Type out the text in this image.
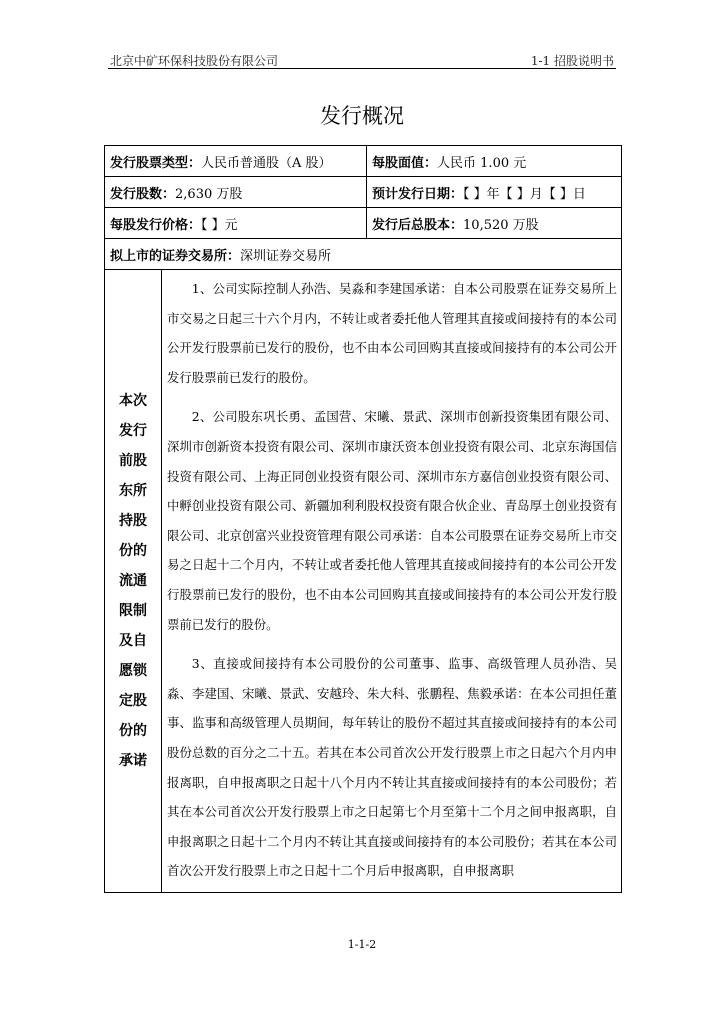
北京中矿环保科技股份有限公司	1-1 招股说明书
发行概况
发行股票类型：人民币普通股（A 股）		每股面值：人民币 1.00 元
发行股数：2,630 万股		预计发行日期：【 】年【 】月【 】日
每股发行价格：【 】元		发行后总股本：10,520 万股
拟上市的证券交易所：深圳证券交易所		

本次发行前股东所持股份的流通限制及自愿锁定股份的承诺	1、公司实际控制人孙浩、吴淼和李建国承诺：自本公司股票在证券交易所上市交易之日起三十六个月内，不转让或者委托他人管理其直接或间接持有的本公司公开发行股票前已发行的股份，也不由本公司回购其直接或间接持有的本公司公开发行股票前已发行的股份。

2、公司股东巩长勇、孟国营、宋曦、景武、深圳市创新投资集团有限公司、深圳市创新资本投资有限公司、深圳市康沃资本创业投资有限公司、北京东海国信投资有限公司、上海正同创业投资有限公司、深圳市东方嘉信创业投资有限公司、中孵创业投资有限公司、新疆加利利股权投资有限合伙企业、青岛厚土创业投资有限公司、北京创富兴业投资管理有限公司承诺：自本公司股票在证券交易所上市交易之日起十二个月内，不转让或者委托他人管理其直接或间接持有的本公司公开发行股票前已发行的股份，也不由本公司回购其直接或间接持有的本公司公开发行股票前已发行的股份。

3、直接或间接持有本公司股份的公司董事、监事、高级管理人员孙浩、吴淼、李建国、宋曦、景武、安越玲、朱大科、张鹏程、焦毅承诺：在本公司担任董事、监事和高级管理人员期间，每年转让的股份不超过其直接或间接持有的本公司股份总数的百分之二十五。若其在本公司首次公开发行股票上市之日起六个月内申报离职，自申报离职之日起十八个月内不转让其直接或间接持有的本公司股份；若其在本公司首次公开发行股票上市之日起第七个月至第十二个月之间申报离职，自申报离职之日起十二个月内不转让其直接或间接持有的本公司股份；若其在本公司首次公开发行股票上市之日起十二个月后申报离职，自申报离职	

1-1-2
